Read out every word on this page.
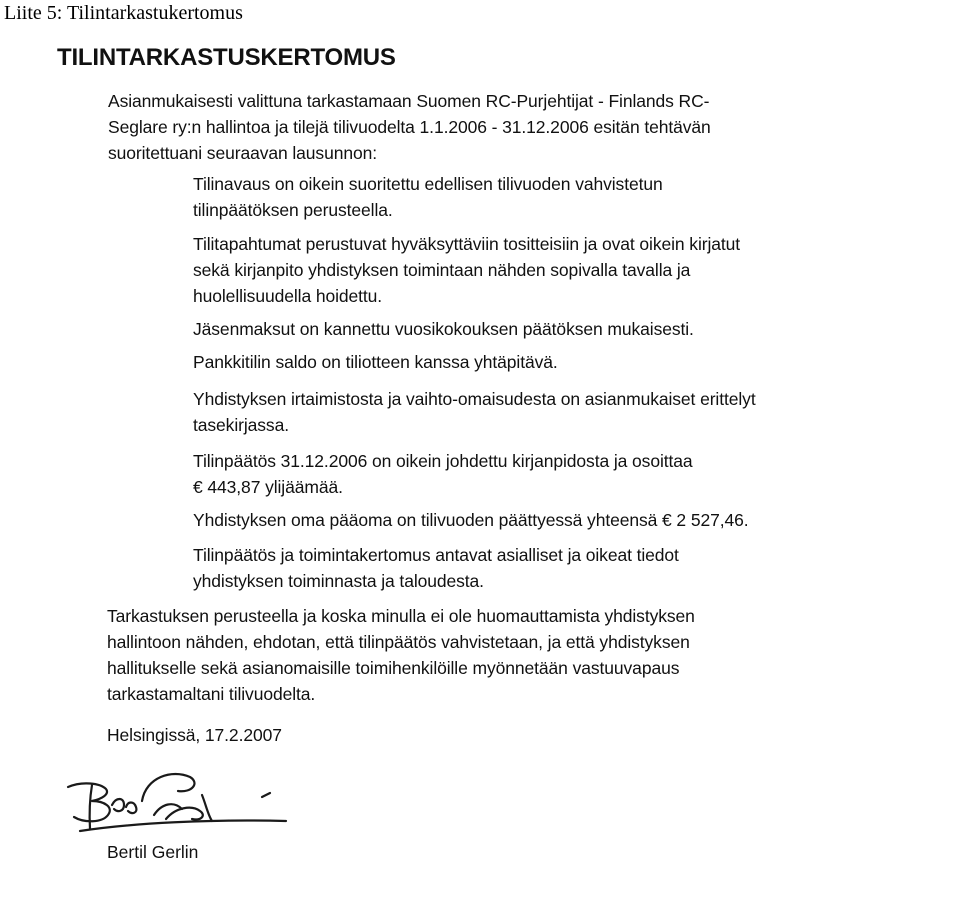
Liite 5: Tilintarkastukertomus
TILINTARKASTUSKERTOMUS
Asianmukaisesti valittuna tarkastamaan Suomen RC-Purjehtijat - Finlands RC-
Seglare ry:n hallintoa ja tilejä tilivuodelta 1.1.2006 - 31.12.2006 esitän tehtävän
suoritettuani seuraavan lausunnon:
Tilinavaus on oikein suoritettu edellisen tilivuoden vahvistetun
tilinpäätöksen perusteella.
Tilitapahtumat perustuvat hyväksyttäviin tositteisiin ja ovat oikein kirjatut
sekä kirjanpito yhdistyksen toimintaan nähden sopivalla tavalla ja
huolellisuudella hoidettu.
Jäsenmaksut on kannettu vuosikokouksen päätöksen mukaisesti.
Pankkitilin saldo on tiliotteen kanssa yhtäpitävä.
Yhdistyksen irtaimistosta ja vaihto-omaisudesta on asianmukaiset erittelyt
tasekirjassa.
Tilinpäätös 31.12.2006 on oikein johdettu kirjanpidosta ja osoittaa
€ 443,87 ylijäämää.
Yhdistyksen oma pääoma on tilivuoden päättyessä yhteensä € 2 527,46.
Tilinpäätös ja toimintakertomus antavat asialliset ja oikeat tiedot
yhdistyksen toiminnasta ja taloudesta.
Tarkastuksen perusteella ja koska minulla ei ole huomauttamista yhdistyksen
hallintoon nähden, ehdotan, että tilinpäätös vahvistetaan, ja että yhdistyksen
hallitukselle sekä asianomaisille toimihenkilöille myönnetään vastuuvapaus
tarkastamaltani tilivuodelta.
Helsingissä, 17.2.2007
Bertil Gerlin
